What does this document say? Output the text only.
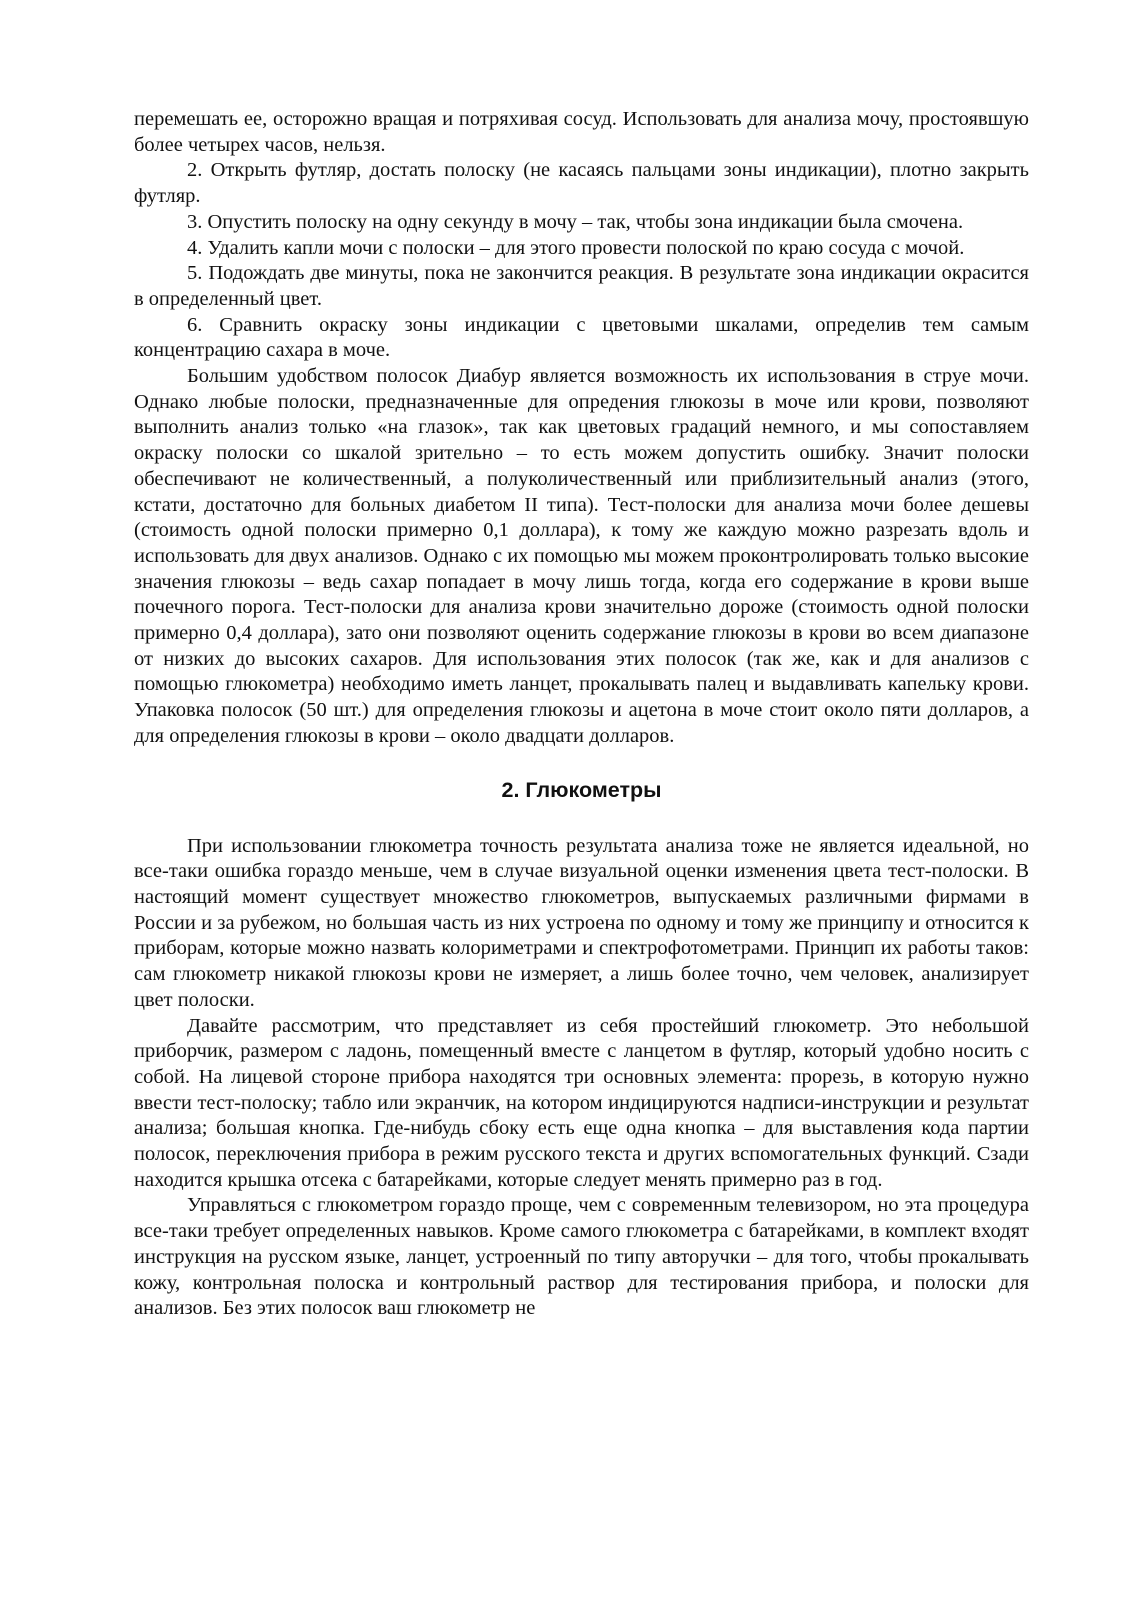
перемешать ее, осторожно вращая и потряхивая сосуд. Использовать для анализа мочу, простоявшую более четырех часов, нельзя.

2. Открыть футляр, достать полоску (не касаясь пальцами зоны индикации), плотно закрыть футляр.

3. Опустить полоску на одну секунду в мочу – так, чтобы зона индикации была смочена.

4. Удалить капли мочи с полоски – для этого провести полоской по краю сосуда с мочой.

5. Подождать две минуты, пока не закончится реакция. В результате зона индикации окрасится в определенный цвет.

6. Сравнить окраску зоны индикации с цветовыми шкалами, определив тем самым концентрацию сахара в моче.

Большим удобством полосок Диабур является возможность их использования в струе мочи. Однако любые полоски, предназначенные для опредения глюкозы в моче или крови, позволяют выполнить анализ только «на глазок», так как цветовых градаций немного, и мы сопоставляем окраску полоски со шкалой зрительно – то есть можем допустить ошибку. Значит полоски обеспечивают не количественный, а полуколичественный или приблизительный анализ (этого, кстати, достаточно для больных диабетом II типа). Тест-полоски для анализа мочи более дешевы (стоимость одной полоски примерно 0,1 доллара), к тому же каждую можно разрезать вдоль и использовать для двух анализов. Однако с их помощью мы можем проконтролировать только высокие значения глюкозы – ведь сахар попадает в мочу лишь тогда, когда его содержание в крови выше почечного порога. Тест-полоски для анализа крови значительно дороже (стоимость одной полоски примерно 0,4 доллара), зато они позволяют оценить содержание глюкозы в крови во всем диапазоне от низких до высоких сахаров. Для использования этих полосок (так же, как и для анализов с помощью глюкометра) необходимо иметь ланцет, прокалывать палец и выдавливать капельку крови. Упаковка полосок (50 шт.) для определения глюкозы и ацетона в моче стоит около пяти долларов, а для определения глюкозы в крови – около двадцати долларов.

2. Глюкометры

При использовании глюкометра точность результата анализа тоже не является идеальной, но все-таки ошибка гораздо меньше, чем в случае визуальной оценки изменения цвета тест-полоски. В настоящий момент существует множество глюкометров, выпускаемых различными фирмами в России и за рубежом, но большая часть из них устроена по одному и тому же принципу и относится к приборам, которые можно назвать колориметрами и спектрофотометрами. Принцип их работы таков: сам глюкометр никакой глюкозы крови не измеряет, а лишь более точно, чем человек, анализирует цвет полоски.

Давайте рассмотрим, что представляет из себя простейший глюкометр. Это небольшой приборчик, размером с ладонь, помещенный вместе с ланцетом в футляр, который удобно носить с собой. На лицевой стороне прибора находятся три основных элемента: прорезь, в которую нужно ввести тест-полоску; табло или экранчик, на котором индицируются надписи-инструкции и результат анализа; большая кнопка. Где-нибудь сбоку есть еще одна кнопка – для выставления кода партии полосок, переключения прибора в режим русского текста и других вспомогательных функций. Сзади находится крышка отсека с батарейками, которые следует менять примерно раз в год.

Управляться с глюкометром гораздо проще, чем с современным телевизором, но эта процедура все-таки требует определенных навыков. Кроме самого глюкометра с батарейками, в комплект входят инструкция на русском языке, ланцет, устроенный по типу авторучки – для того, чтобы прокалывать кожу, контрольная полоска и контрольный раствор для тестирования прибора, и полоски для анализов. Без этих полосок ваш глюкометр не
